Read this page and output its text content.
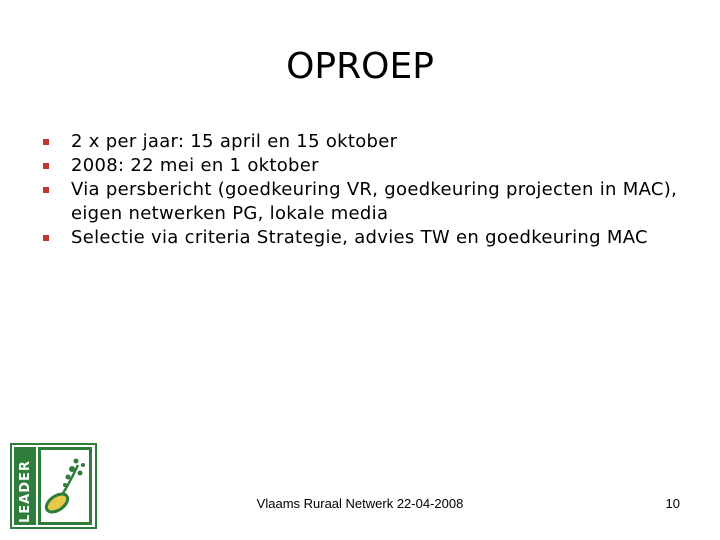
OPROEP
2 x per jaar: 15 april en 15 oktober
2008: 22 mei en 1 oktober
Via persbericht (goedkeuring VR, goedkeuring projecten in MAC), eigen netwerken PG, lokale media
Selectie via criteria Strategie, advies TW en goedkeuring MAC
LEADER	Vlaams Ruraal Netwerk 22-04-2008	10
